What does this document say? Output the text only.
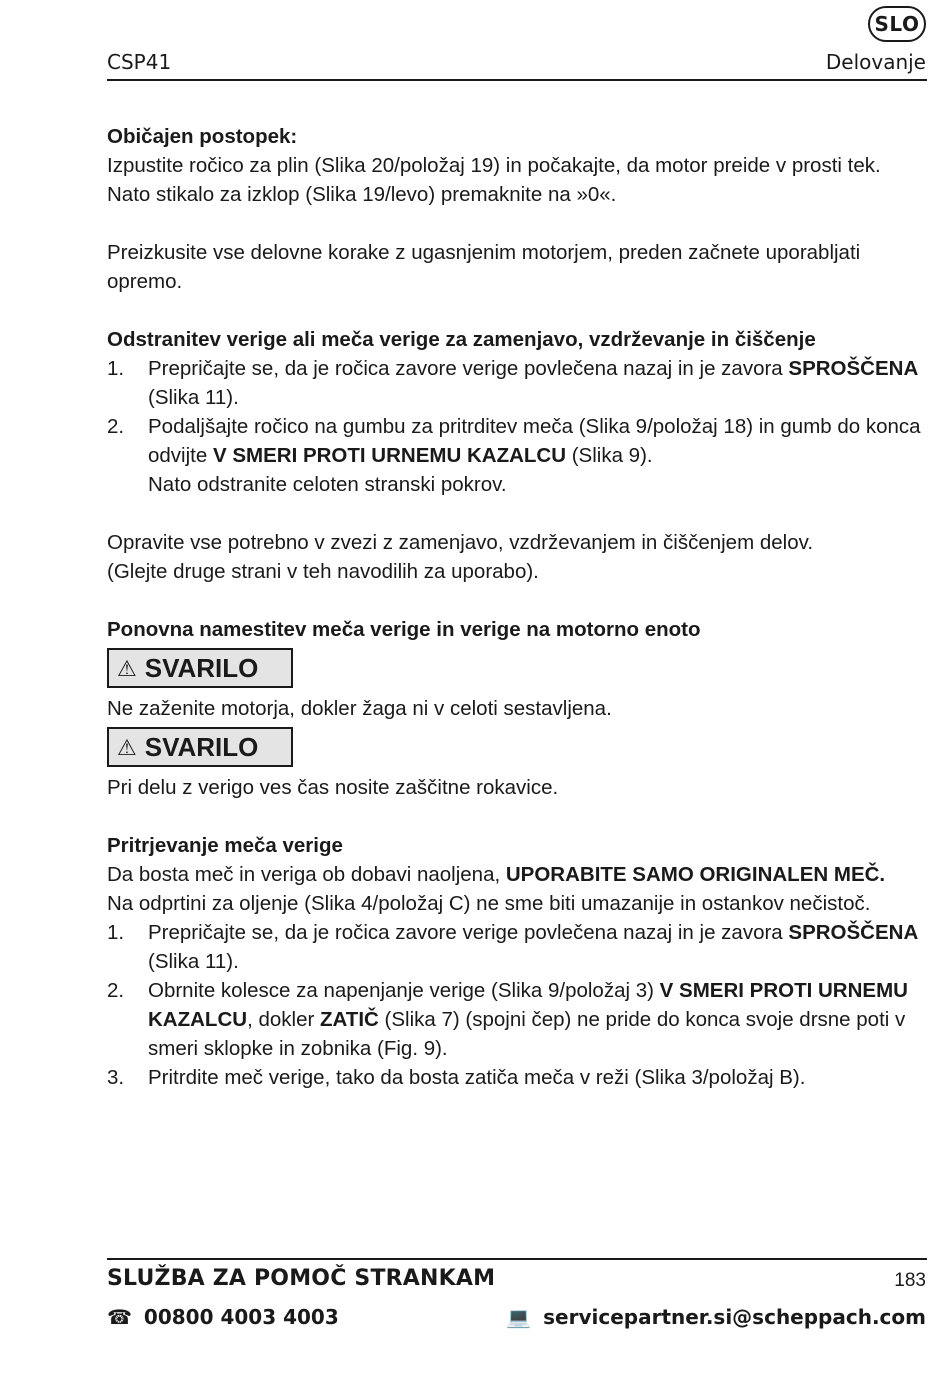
SLO
CSP41	Delovanje

Običajen postopek:

Izpustite ročico za plin (Slika 20/položaj 19) in počakajte, da motor preide v prosti tek. Nato stikalo za izklop (Slika 19/levo) premaknite na »0«.

Preizkusite vse delovne korake z ugasnjenim motorjem, preden začnete uporabljati opremo.

Odstranitev verige ali meča verige za zamenjavo, vzdrževanje in čiščenje

1.	Prepričajte se, da je ročica zavore verige povlečena nazaj in je zavora SPROŠČENA (Slika 11).
2.	Podaljšajte ročico na gumbu za pritrditev meča (Slika 9/položaj 18) in gumb do konca odvijte V SMERI PROTI URNEMU KAZALCU (Slika 9).
Nato odstranite celoten stranski pokrov.

Opravite vse potrebno v zvezi z zamenjavo, vzdrževanjem in čiščenjem delov.

(Glejte druge strani v teh navodilih za uporabo).

Ponovna namestitev meča verige in verige na motorno enoto

⚠ SVARILO

Ne zaženite motorja, dokler žaga ni v celoti sestavljena.

⚠ SVARILO

Pri delu z verigo ves čas nosite zaščitne rokavice.

Pritrjevanje meča verige

Da bosta meč in veriga ob dobavi naoljena, UPORABITE SAMO ORIGINALEN MEČ.

Na odprtini za oljenje (Slika 4/položaj C) ne sme biti umazanije in ostankov nečistoč.

1.	Prepričajte se, da je ročica zavore verige povlečena nazaj in je zavora SPROŠČENA (Slika 11).
2.	Obrnite kolesce za napenjanje verige (Slika 9/položaj 3) V SMERI PROTI URNEMU KAZALCU, dokler ZATIČ (Slika 7) (spojni čep) ne pride do konca svoje drsne poti v smeri sklopke in zobnika (Fig. 9).
3.	Pritrdite meč verige, tako da bosta zatiča meča v reži (Slika 3/položaj B).
SLUŽBA ZA POMOČ STRANKAM	183
☎ 00800 4003 4003	💻 servicepartner.si@scheppach.com
